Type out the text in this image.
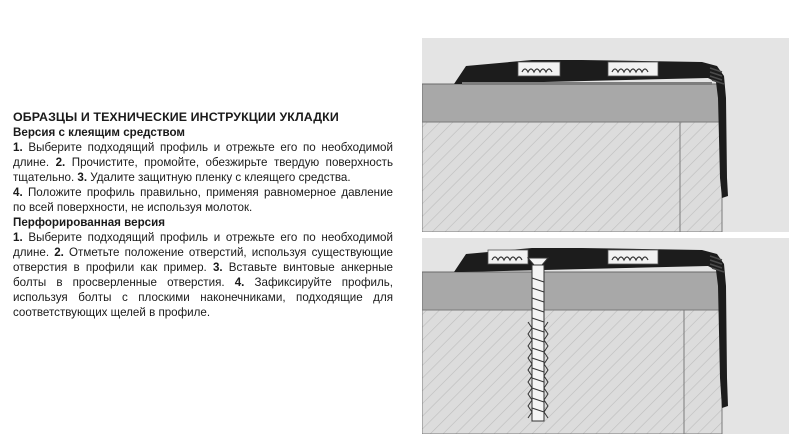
ОБРАЗЦЫ И ТЕХНИЧЕСКИЕ ИНСТРУКЦИИ УКЛАДКИ
Версия с клеящим средством

1. Выберите подходящий профиль и отрежьте его по необходимой длине. 2. Прочистите, промойте, обезжирьте твердую поверхность тщательно. 3. Удалите защитную пленку с клеящего средства.

4. Положите профиль правильно, применяя равномерное давление по всей поверхности, не используя молоток.

Перфорированная версия

1. Выберите подходящий профиль и отрежьте его по необходимой длине. 2. Отметьте положение отверстий, используя существующие отверстия в профили как пример. 3. Вставьте винтовые анкерные болты в просверленные отверстия. 4. Зафиксируйте профиль, используя болты с плоскими наконечниками, подходящие для соответствующих щелей в профиле.
